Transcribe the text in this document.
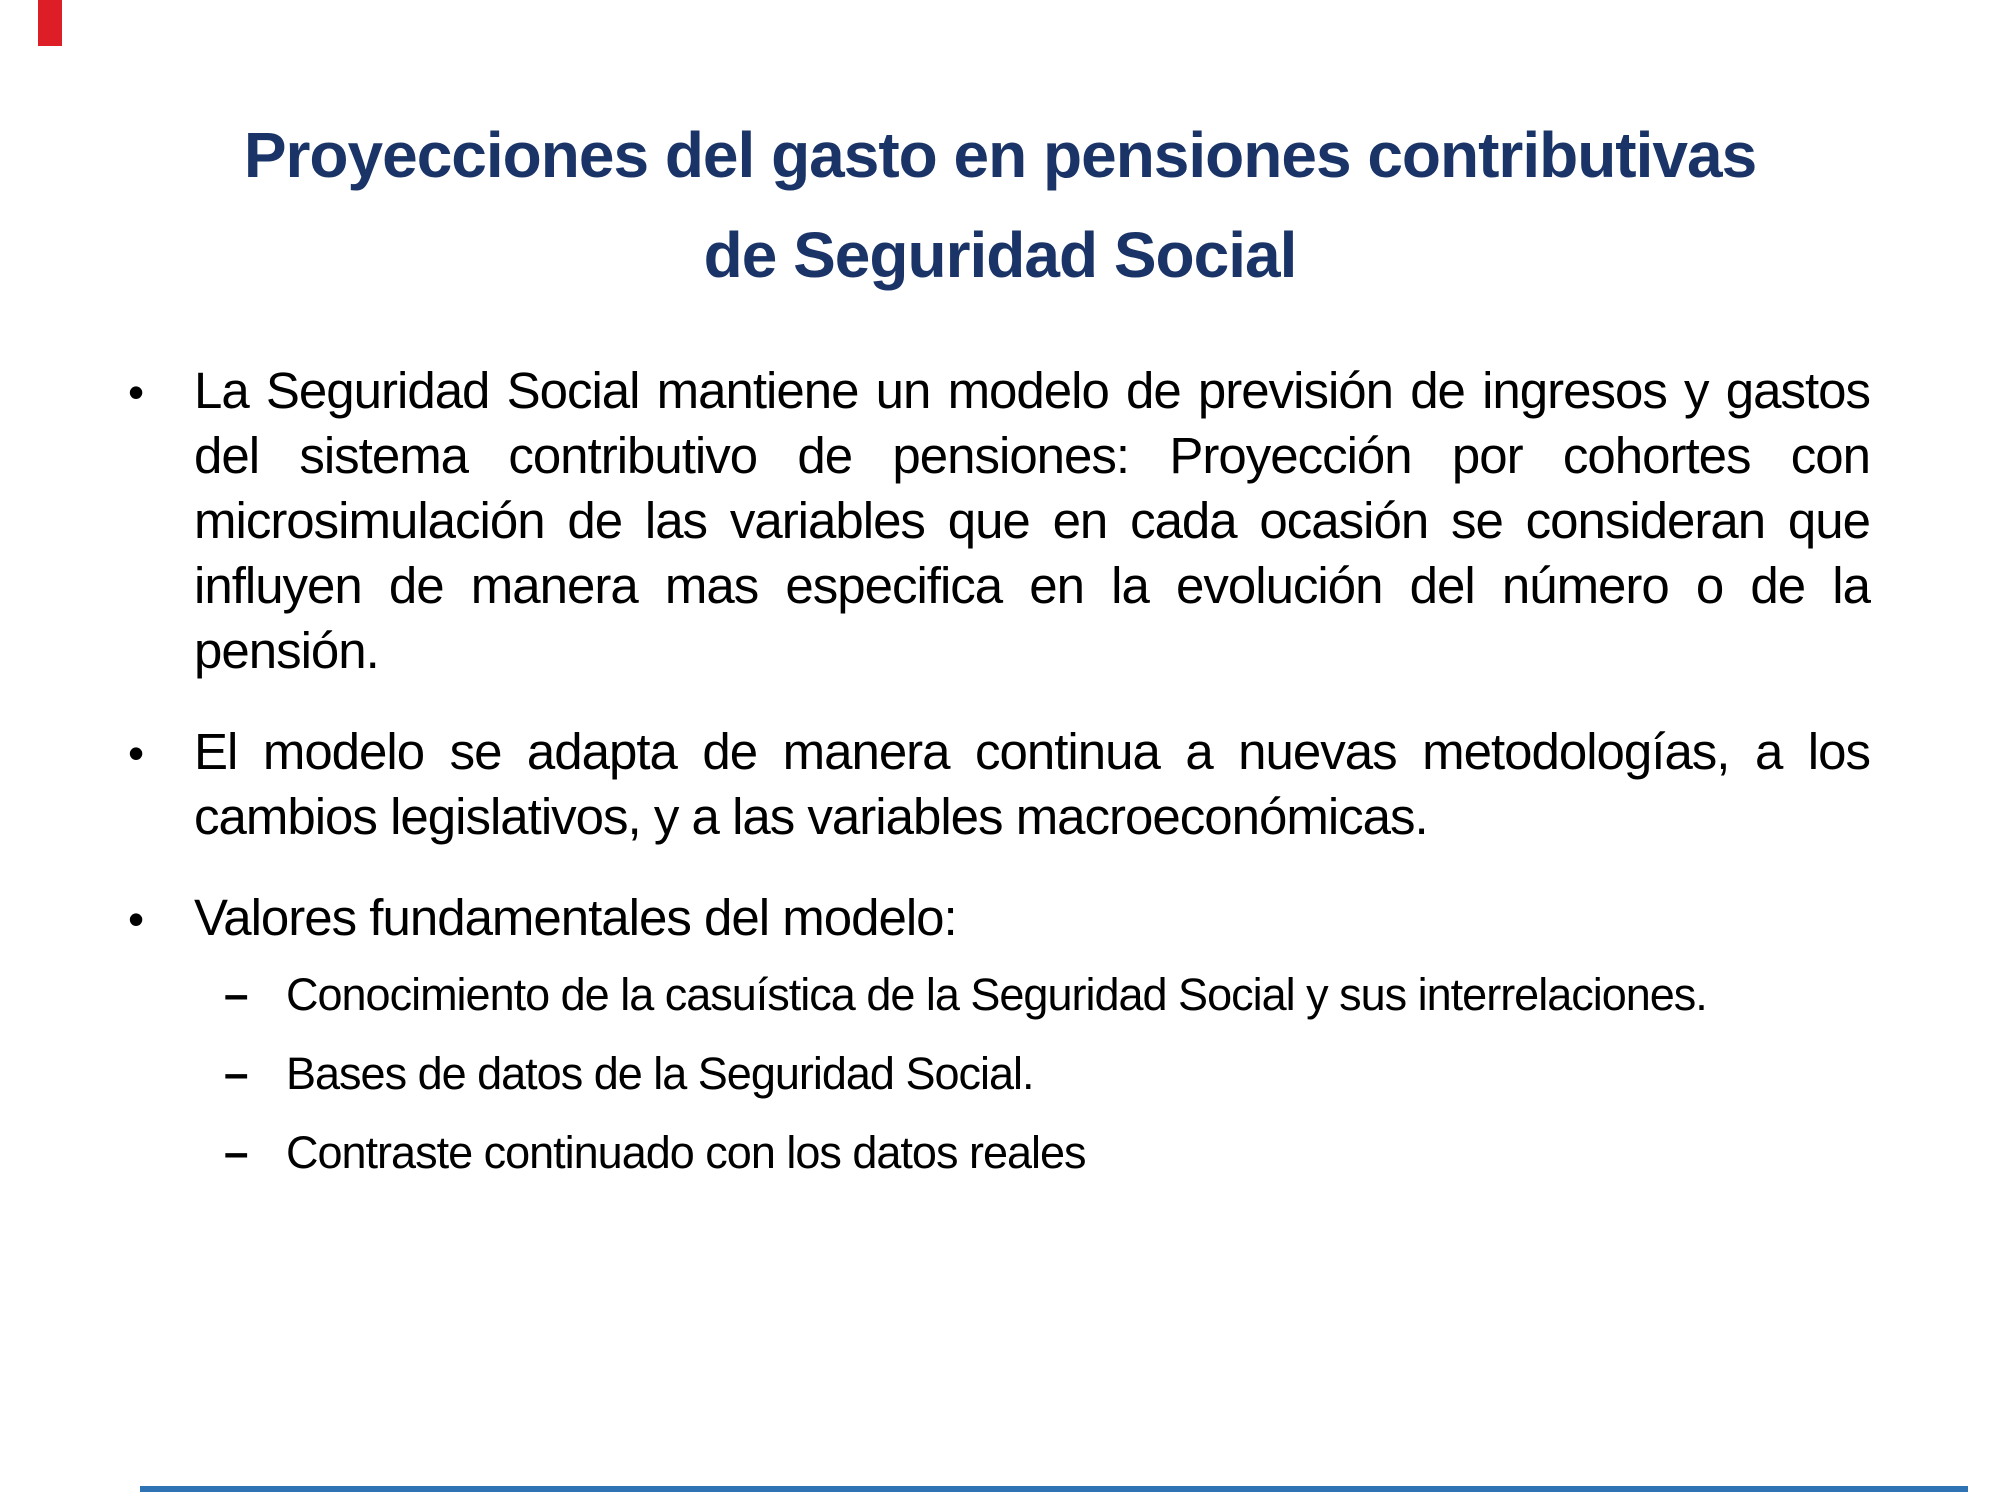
Proyecciones del gasto en pensiones contributivas
de Seguridad Social
• La Seguridad Social mantiene un modelo de previsión de ingresos y gastos del sistema contributivo de pensiones: Proyección por cohortes con microsimulación de las variables que en cada ocasión se consideran que influyen de manera mas especifica en la evolución del número o de la pensión.
• El modelo se adapta de manera continua a nuevas metodologías, a los cambios legislativos, y a las variables macroeconómicas.
• Valores fundamentales del modelo:
– Conocimiento de la casuística de la Seguridad Social y sus interrelaciones.
– Bases de datos de la Seguridad Social.
– Contraste continuado con los datos reales
